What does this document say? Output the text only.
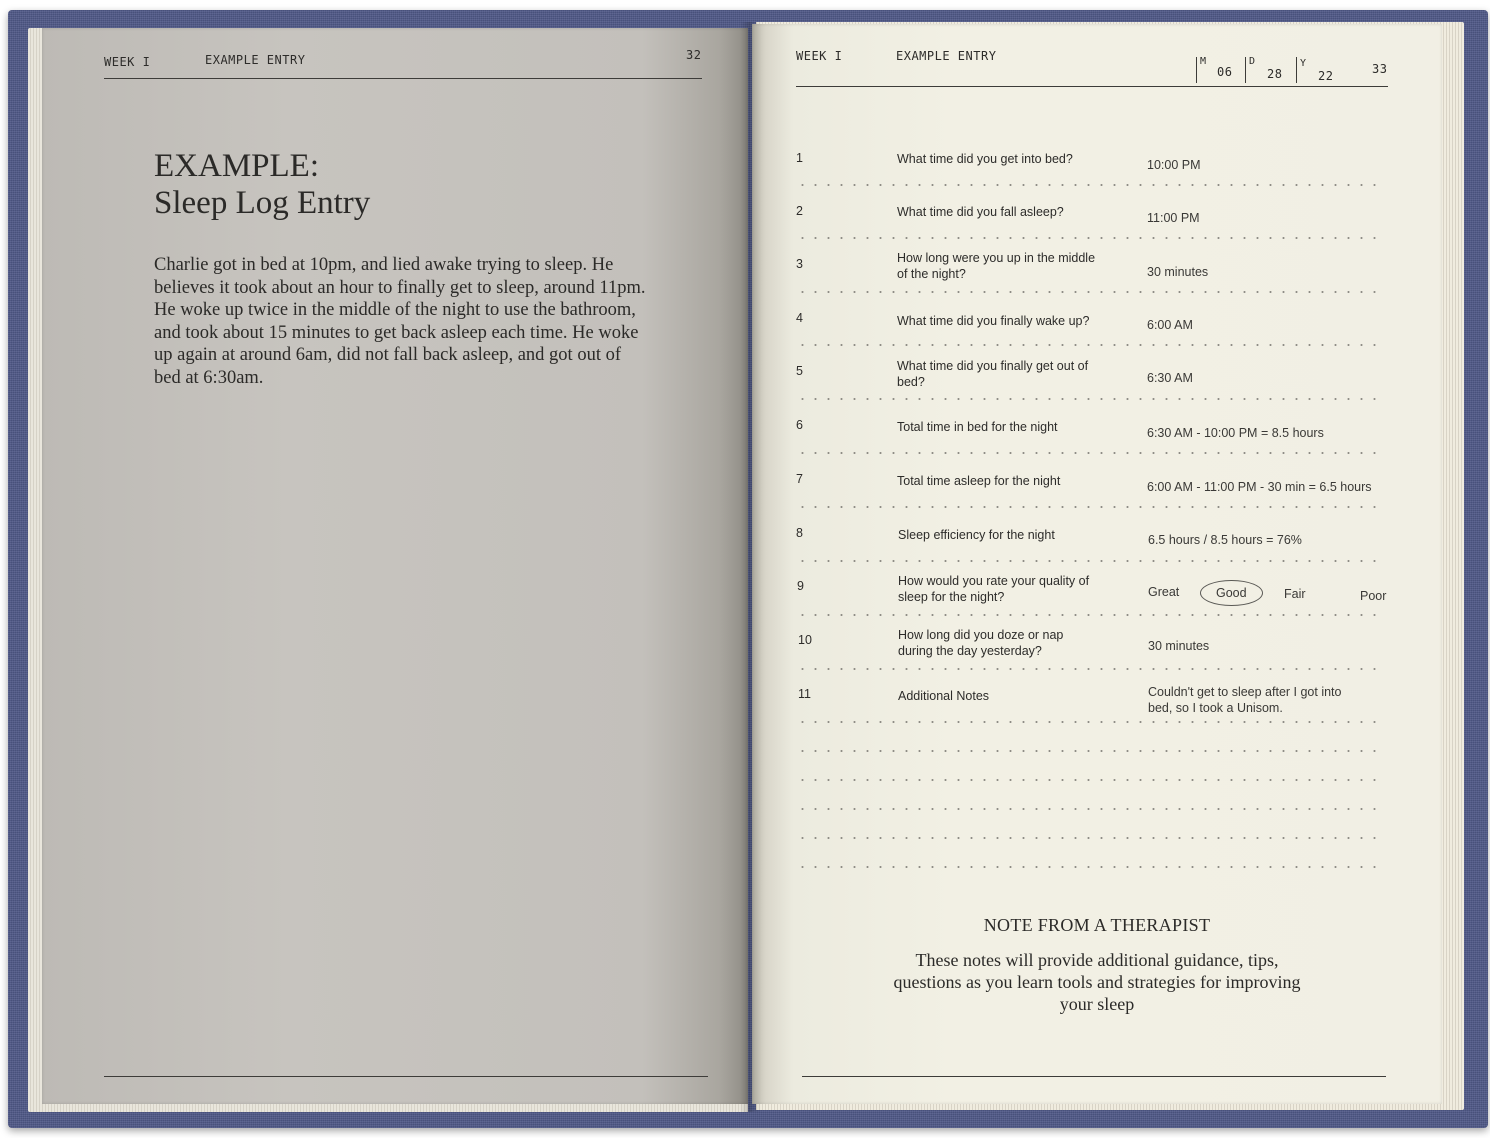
WEEK I	EXAMPLE ENTRY	32
EXAMPLE:
Sleep Log Entry

Charlie got in bed at 10pm, and lied awake trying to sleep. He believes it took about an hour to finally get to sleep, around 11pm. He woke up twice in the middle of the night to use the bathroom, and took about 15 minutes to get back asleep each time. He woke up again at around 6am, did not fall back asleep, and got out of bed at 6:30am.

WEEK I	EXAMPLE ENTRY	M
06
D
28
Y
22	33
1	What time did you get into bed?	10:00 PM
2	What time did you fall asleep?	11:00 PM
3	How long were you up in the middle of the night?	30 minutes
4	What time did you finally wake up?	6:00 AM
5	What time did you finally get out of bed?	6:30 AM
6	Total time in bed for the night	6:30 AM - 10:00 PM = 8.5 hours
7	Total time asleep for the night	6:00 AM - 11:00 PM - 30 min = 6.5 hours
8	Sleep efficiency for the night	6.5 hours / 8.5 hours = 76%
9	How would you rate your quality of sleep for the night?	Great	Good	Fair	Poor
10	How long did you doze or nap during the day yesterday?	30 minutes
11	Additional Notes	Couldn't get to sleep after I got into bed, so I took a Unisom.
NOTE FROM A THERAPIST

These notes will provide additional guidance, tips, questions as you learn tools and strategies for improving your sleep
